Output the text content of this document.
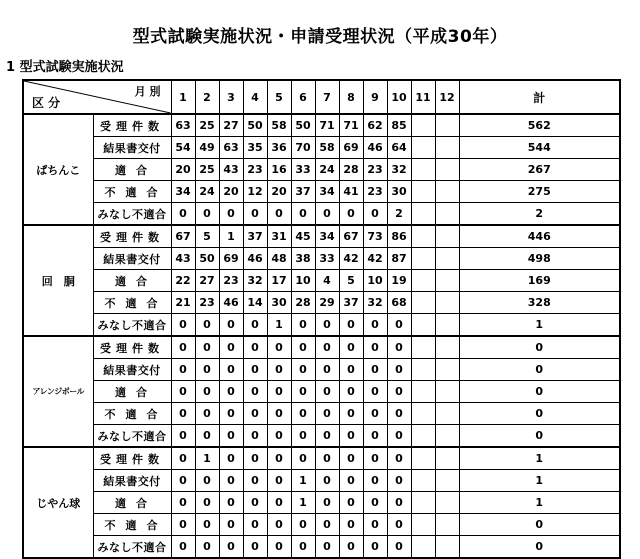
型式試験実施状況・申請受理状況（平成30年）
1 型式試験実施状況
月 別
区 分		1	2	3	4	5	6	7	8	9	10	11	12	計
ぱちんこ	受理件数	63	25	27	50	58	50	71	71	62	85			562
	結果書交付	54	49	63	35	36	70	58	69	46	64			544
	適合	20	25	43	23	16	33	24	28	23	32			267
	不適合	34	24	20	12	20	37	34	41	23	30			275
	みなし不適合	0	0	0	0	0	0	0	0	0	2			2
回　胴	受理件数	67	5	1	37	31	45	34	67	73	86			446
	結果書交付	43	50	69	46	48	38	33	42	42	87			498
	適合	22	27	23	32	17	10	4	5	10	19			169
	不適合	21	23	46	14	30	28	29	37	32	68			328
	みなし不適合	0	0	0	0	1	0	0	0	0	0			1
アレンジボール	受理件数	0	0	0	0	0	0	0	0	0	0			0
	結果書交付	0	0	0	0	0	0	0	0	0	0			0
	適合	0	0	0	0	0	0	0	0	0	0			0
	不適合	0	0	0	0	0	0	0	0	0	0			0
	みなし不適合	0	0	0	0	0	0	0	0	0	0			0
じやん球	受理件数	0	1	0	0	0	0	0	0	0	0			1
	結果書交付	0	0	0	0	0	1	0	0	0	0			1
	適合	0	0	0	0	0	1	0	0	0	0			1
	不適合	0	0	0	0	0	0	0	0	0	0			0
	みなし不適合	0	0	0	0	0	0	0	0	0	0			0
